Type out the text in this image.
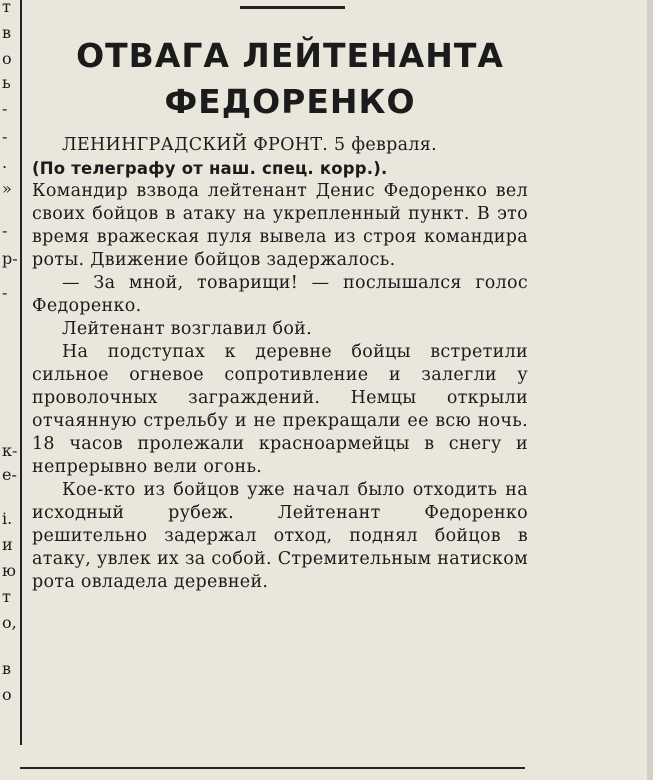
т
в
о
ь
-
-
.
»
-
р-
-
к-
е-
і.
и
ю
т
о,
в
о
ОТВАГА ЛЕЙТЕНАНТА
ФЕДОРЕНКО
ЛЕНИНГРАДСКИЙ ФРОНТ. 5 февраля.
(По телеграфу от наш. спец. корр.).
Командир взвода лейтенант Денис Федоренко вел своих бойцов в атаку на укрепленный пункт. В это время вражеская пуля вывела из строя командира роты. Движение бойцов задержалось.
— За мной, товарищи! — послышался голос Федоренко.
Лейтенант возглавил бой.
На подступах к деревне бойцы встретили сильное огневое сопротивление и залегли у проволочных заграждений. Немцы открыли отчаянную стрельбу и не прекращали ее всю ночь. 18 часов пролежали красноармейцы в снегу и непрерывно вели огонь.
Кое-кто из бойцов уже начал было отходить на исходный рубеж. Лейтенант Федоренко решительно задержал отход, поднял бойцов в атаку, увлек их за собой. Стремительным натиском рота овладела деревней.
